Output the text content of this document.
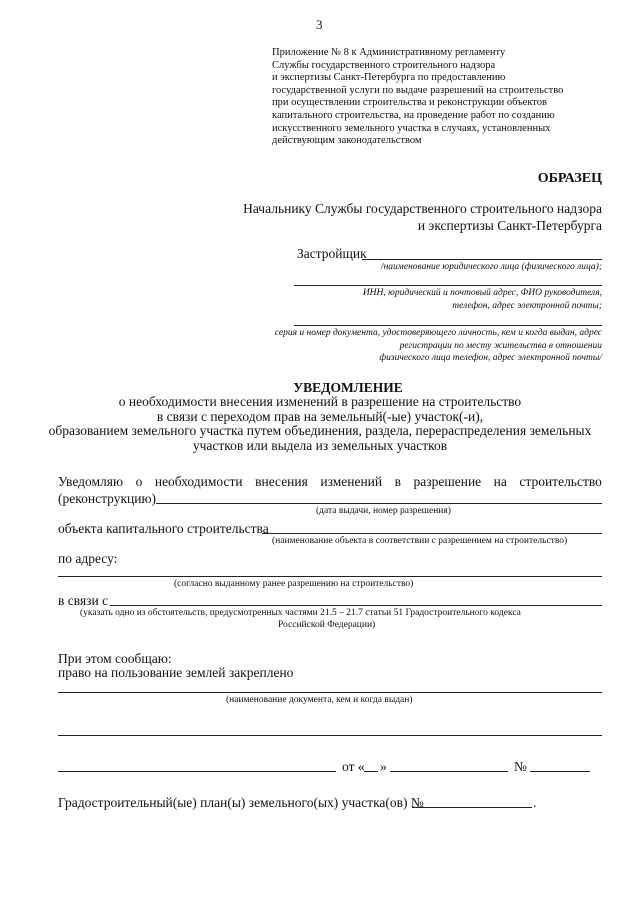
3
Приложение № 8 к Административному регламенту
Службы государственного строительного надзора
и экспертизы Санкт-Петербурга по предоставлению
государственной услуги по выдаче разрешений на строительство
при осуществлении строительства и реконструкции объектов
капитального строительства, на проведение работ по созданию
искусственного земельного участка в случаях, установленных
действующим законодательством
ОБРАЗЕЦ
Начальнику Службы государственного строительного надзора
и экспертизы Санкт-Петербурга
Застройщик
/наименование юридического лица (физического лица);
ИНН, юридический и почтовый адрес, ФИО руководителя,
телефон, адрес электронной почты;
серия и номер документа, удостоверяющего личность, кем и когда выдан, адрес
регистрации по месту жительства в отношении
физического лица телефон, адрес электронной почты/
УВЕДОМЛЕНИЕ
о необходимости внесения изменений в разрешение на строительство
в связи с переходом прав на земельный(-ые) участок(-и),
образованием земельного участка путем объединения, раздела, перераспределения земельных
участков или выдела из земельных участков
Уведомляю о необходимости внесения изменений в разрешение на строительство
(реконструкцию)
(дата выдачи, номер разрешения)
объекта капитального строительства
(наименование объекта в соответствии с разрешением на строительство)
по адресу:
(согласно выданному ранее разрешению на строительство)
в связи с
(указать одно из обстоятельств, предусмотренных частями 21.5 – 21.7 статьи 51 Градостроительного кодекса
Российской Федерации)
При этом сообщаю:
право на пользование землей закреплено
(наименование документа, кем и когда выдан)
от « »	№
Градостроительный(ые) план(ы) земельного(ых) участка(ов) №	.
